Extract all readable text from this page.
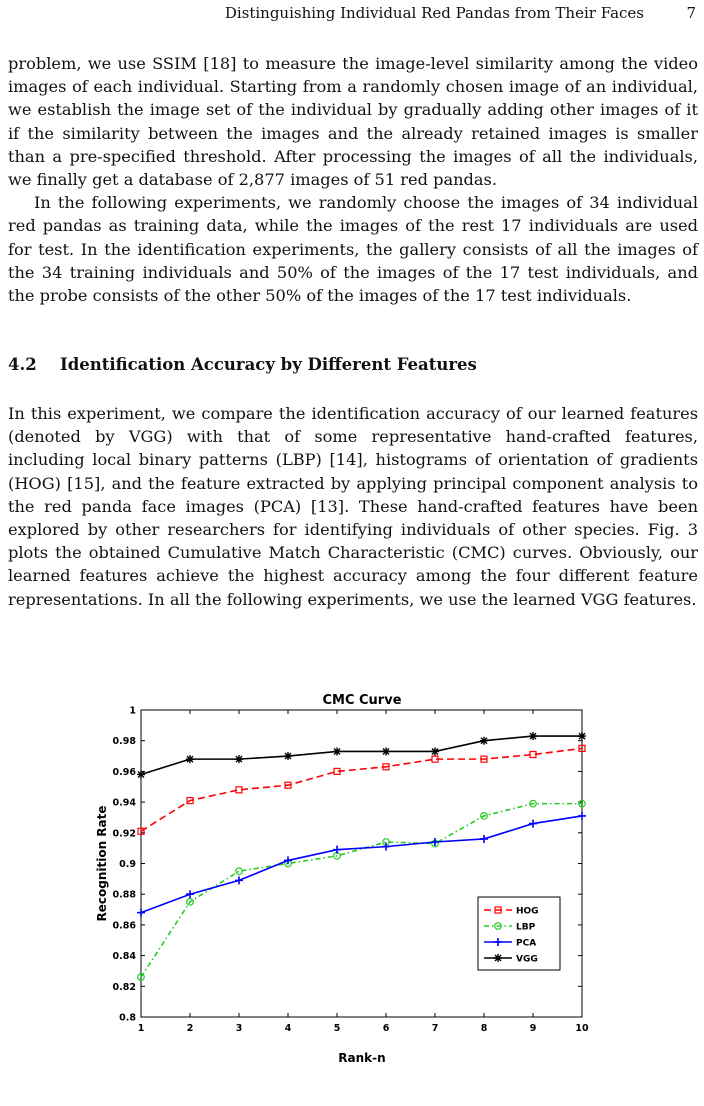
Distinguishing Individual Red Pandas from Their Faces	7

problem, we use SSIM [18] to measure the image-level similarity among the video images of each individual. Starting from a randomly chosen image of an individual, we establish the image set of the individual by gradually adding other images of it if the similarity between the images and the already retained images is smaller than a pre-specified threshold. After processing the images of all the individuals, we finally get a database of 2,877 images of 51 red pandas.

In the following experiments, we randomly choose the images of 34 individual red pandas as training data, while the images of the rest 17 individuals are used for test. In the identification experiments, the gallery consists of all the images of the 34 training individuals and 50% of the images of the 17 test individuals, and the probe consists of the other 50% of the images of the 17 test individuals.

4.2 Identification Accuracy by Different Features

In this experiment, we compare the identification accuracy of our learned features (denoted by VGG) with that of some representative hand-crafted features, including local binary patterns (LBP) [14], histograms of orientation of gradients (HOG) [15], and the feature extracted by applying principal component analysis to the red panda face images (PCA) [13]. These hand-crafted features have been explored by other researchers for identifying individuals of other species. Fig. 3 plots the obtained Cumulative Match Characteristic (CMC) curves. Obviously, our learned features achieve the highest accuracy among the four different feature representations. In all the following experiments, we use the learned VGG features.

CMC Curve
Recognition Rate
Rank-n
0.8
0.82
0.84
0.86
0.88
0.9
0.92
0.94
0.96
0.98
1
1	2	3	4	5	6	7	8	9	10
HOG
LBP
PCA
VGG
